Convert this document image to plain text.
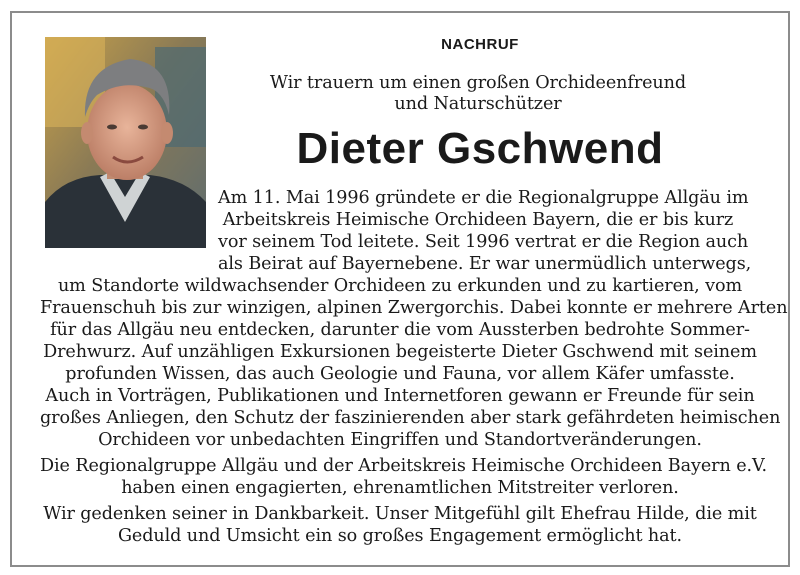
NACHRUF

Wir trauern um einen großen Orchideenfreund

und Naturschützer

Dieter Gschwend

Am 11. Mai 1996 gründete er die Regionalgruppe Allgäu im

Arbeitskreis Heimische Orchideen Bayern, die er bis kurz

vor seinem Tod leitete. Seit 1996 vertrat er die Region auch

als Beirat auf Bayernebene. Er war unermüdlich unterwegs,

um Standorte wildwachsender Orchideen zu erkunden und zu kartieren, vom

Frauenschuh bis zur winzigen, alpinen Zwergorchis. Dabei konnte er mehrere Arten

für das Allgäu neu entdecken, darunter die vom Aussterben bedrohte Sommer-

Drehwurz. Auf unzähligen Exkursionen begeisterte Dieter Gschwend mit seinem

profunden Wissen, das auch Geologie und Fauna, vor allem Käfer umfasste.

Auch in Vorträgen, Publikationen und Internetforen gewann er Freunde für sein

großes Anliegen, den Schutz der faszinierenden aber stark gefährdeten heimischen

Orchideen vor unbedachten Eingriffen und Standortveränderungen.

Die Regionalgruppe Allgäu und der Arbeitskreis Heimische Orchideen Bayern e.V.

haben einen engagierten, ehrenamtlichen Mitstreiter verloren.

Wir gedenken seiner in Dankbarkeit. Unser Mitgefühl gilt Ehefrau Hilde, die mit

Geduld und Umsicht ein so großes Engagement ermöglicht hat.
